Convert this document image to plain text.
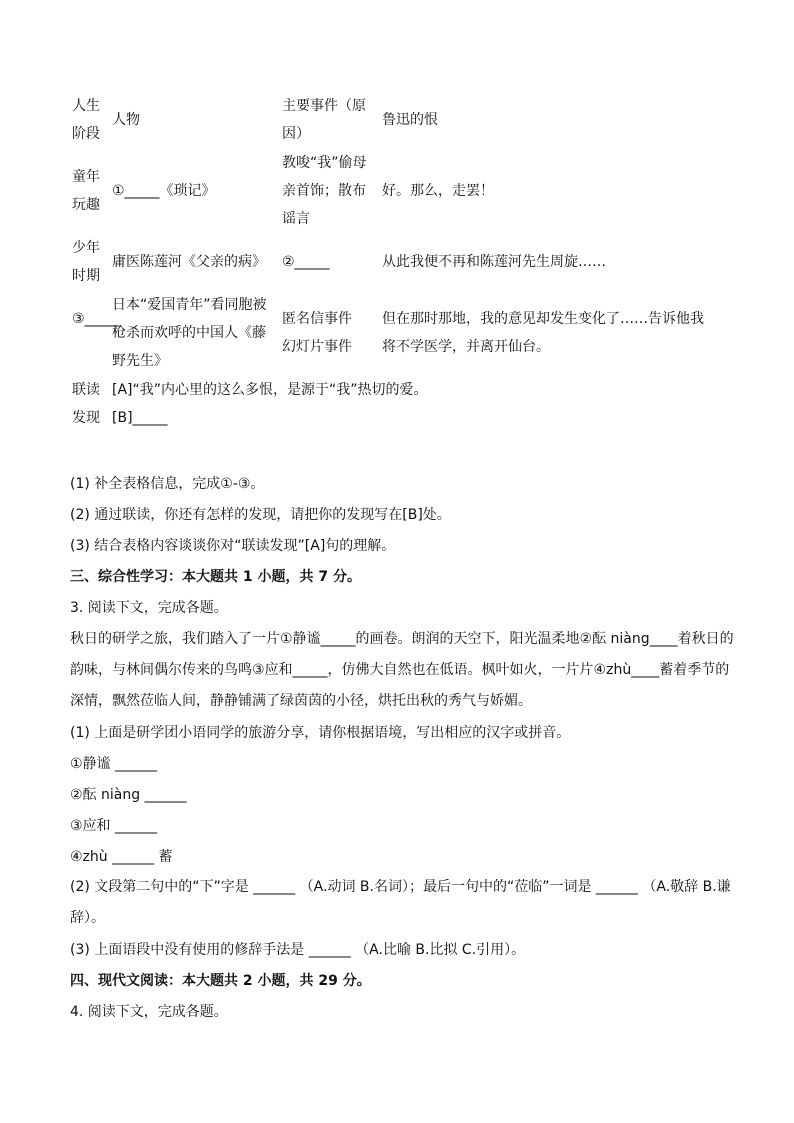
人生阶段
人物
主要事件（原因）
鲁迅的恨
童年玩趣
①_____《琐记》
教唆“我”偷母亲首饰；散布谣言
好。那么，走罢！
少年时期
庸医陈莲河《父亲的病》 ②_____	从此我便不再和陈莲河先生周旋……
③_____
日本“爱国青年”看同胞被枪杀而欢呼的中国人《藤野先生》
匿名信事件幻灯片事件
但在那时那地，我的意见却发生变化了……告诉他我将不学医学，并离开仙台。
联读发现
[A]“我”内心里的这么多恨，是源于“我”热切的爱。
[B]_____
(1) 补全表格信息，完成①-③。
(2) 通过联读，你还有怎样的发现，请把你的发现写在[B]处。
(3) 结合表格内容谈谈你对“联读发现”[A]句的理解。
三、综合性学习：本大题共 1 小题，共 7 分。
3. 阅读下文，完成各题。
秋日的研学之旅，我们踏入了一片①静谧_____的画卷。朗润的天空下，阳光温柔地②酝 niàng____着秋日的韵味，与林间偶尔传来的鸟鸣③应和_____，仿佛大自然也在低语。枫叶如火，一片片④zhù____蓄着季节的深情，飘然莅临人间，静静铺满了绿茵茵的小径，烘托出秋的秀气与娇媚。
(1) 上面是研学团小语同学的旅游分享，请你根据语境，写出相应的汉字或拼音。
①静谧 ______
②酝 niàng ______
③应和 ______
④zhù ______ 蓄
(2) 文段第二句中的“下”字是 ______ （A.动词 B.名词）；最后一句中的“莅临”一词是 ______ （A.敬辞 B.谦辞）。
(3) 上面语段中没有使用的修辞手法是 ______ （A.比喻 B.比拟 C.引用）。
四、现代文阅读：本大题共 2 小题，共 29 分。
4. 阅读下文，完成各题。
